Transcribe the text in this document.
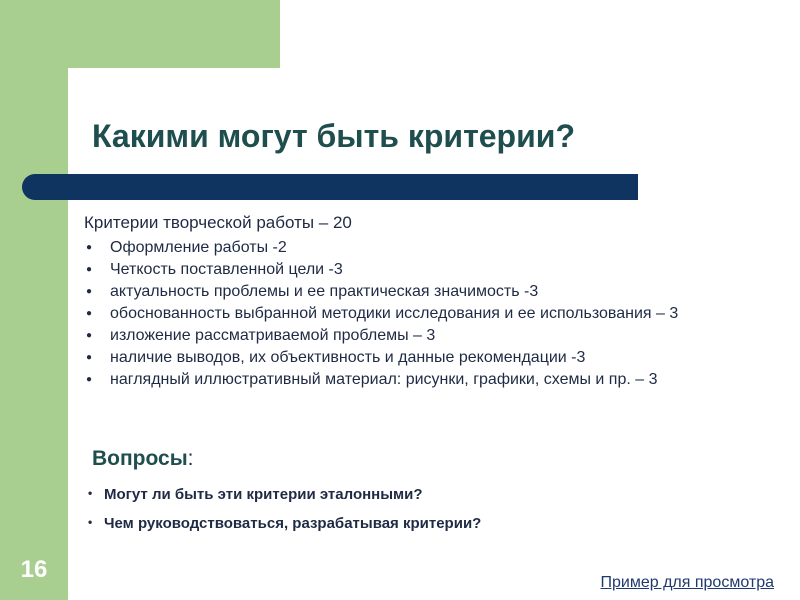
16
Какими могут быть критерии?

Критерии творческой работы – 20

● Оформление работы -2
● Четкость поставленной цели -3
● актуальность проблемы и ее практическая значимость -3
● обоснованность выбранной методики исследования и ее использования – 3
● изложение рассматриваемой проблемы – 3
● наличие выводов, их объективность и данные рекомендации -3
● наглядный иллюстративный материал: рисунки, графики, схемы и пр. – 3
Вопросы:
• Могут ли быть эти критерии эталонными?
• Чем руководствоваться, разрабатывая критерии?
Пример для просмотра
